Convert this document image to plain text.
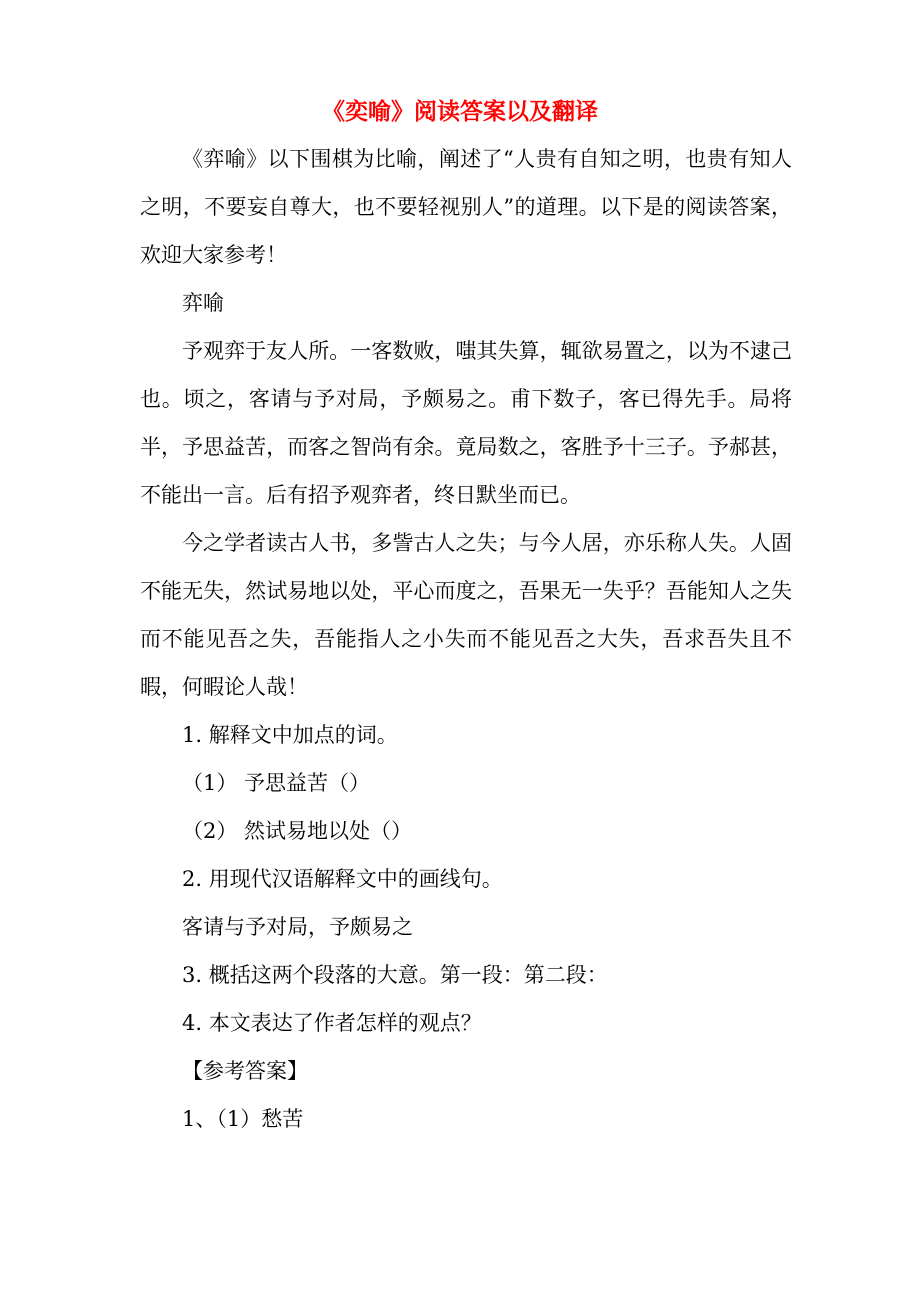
《奕喻》阅读答案以及翻译

《弈喻》以下围棋为比喻，阐述了“人贵有自知之明，也贵有知人之明，不要妄自尊大，也不要轻视别人”的道理。以下是的阅读答案，欢迎大家参考！

弈喻

予观弈于友人所。一客数败，嗤其失算，辄欲易置之，以为不逮己也。顷之，客请与予对局，予颇易之。甫下数子，客已得先手。局将半，予思益苦，而客之智尚有余。竟局数之，客胜予十三子。予郝甚，不能出一言。后有招予观弈者，终日默坐而已。

今之学者读古人书，多訾古人之失；与今人居，亦乐称人失。人固不能无失，然试易地以处，平心而度之，吾果无一失乎？吾能知人之失而不能见吾之失，吾能指人之小失而不能见吾之大失，吾求吾失且不暇，何暇论人哉！

1. 解释文中加点的词。
（1） 予思益苦（）
（2） 然试易地以处（）
2. 用现代汉语解释文中的画线句。
客请与予对局，予颇易之
3. 概括这两个段落的大意。第一段：第二段：
4. 本文表达了作者怎样的观点？
【参考答案】
1、（1）愁苦
